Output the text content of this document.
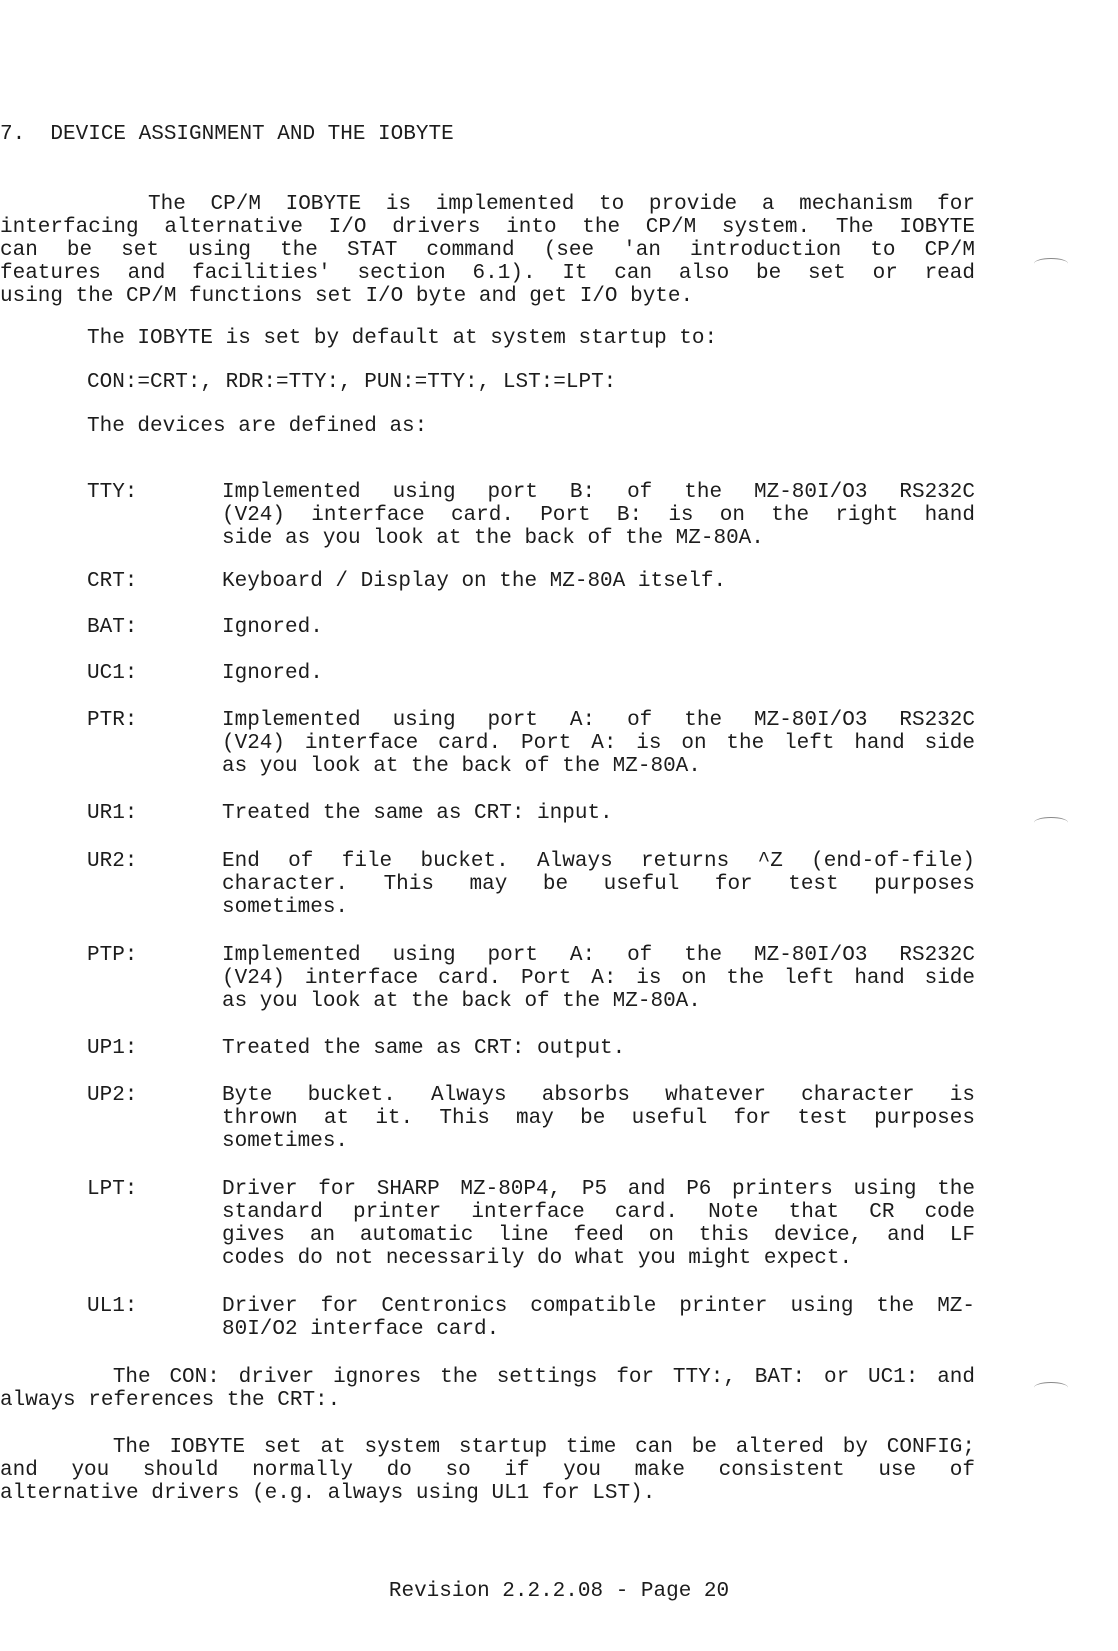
7.  DEVICE ASSIGNMENT AND THE IOBYTE
The CP/M IOBYTE is implemented to provide a mechanism for
interfacing alternative I/O drivers into the CP/M system. The IOBYTE
can be set using the STAT command (see 'an introduction to CP/M
features and facilities' section 6.1). It can also be set or read
using the CP/M functions set I/O byte and get I/O byte.
The IOBYTE is set by default at system startup to:
CON:=CRT:, RDR:=TTY:, PUN:=TTY:, LST:=LPT:
The devices are defined as:
TTY:	Implemented using port B: of the MZ-80I/O3 RS232C
(V24) interface card. Port B: is on the right hand
side as you look at the back of the MZ-80A.
CRT:	Keyboard / Display on the MZ-80A itself.
BAT:	Ignored.
UC1:	Ignored.
PTR:	Implemented using port A: of the MZ-80I/O3 RS232C
(V24) interface card. Port A: is on the left hand side
as you look at the back of the MZ-80A.
UR1:	Treated the same as CRT: input.
UR2:	End of file bucket. Always returns ^Z (end-of-file)
character. This may be useful for test purposes
sometimes.
PTP:	Implemented using port A: of the MZ-80I/O3 RS232C
(V24) interface card. Port A: is on the left hand side
as you look at the back of the MZ-80A.
UP1:	Treated the same as CRT: output.
UP2:	Byte bucket. Always absorbs whatever character is
thrown at it. This may be useful for test purposes
sometimes.
LPT:	Driver for SHARP MZ-80P4, P5 and P6 printers using the
standard printer interface card. Note that CR code
gives an automatic line feed on this device, and LF
codes do not necessarily do what you might expect.
UL1:	Driver for Centronics compatible printer using the MZ-
80I/O2 interface card.
The CON: driver ignores the settings for TTY:, BAT: or UC1: and
always references the CRT:.
The IOBYTE set at system startup time can be altered by CONFIG;
and you should normally do so if you make consistent use of
alternative drivers (e.g. always using UL1 for LST).
Revision 2.2.2.08 - Page 20
